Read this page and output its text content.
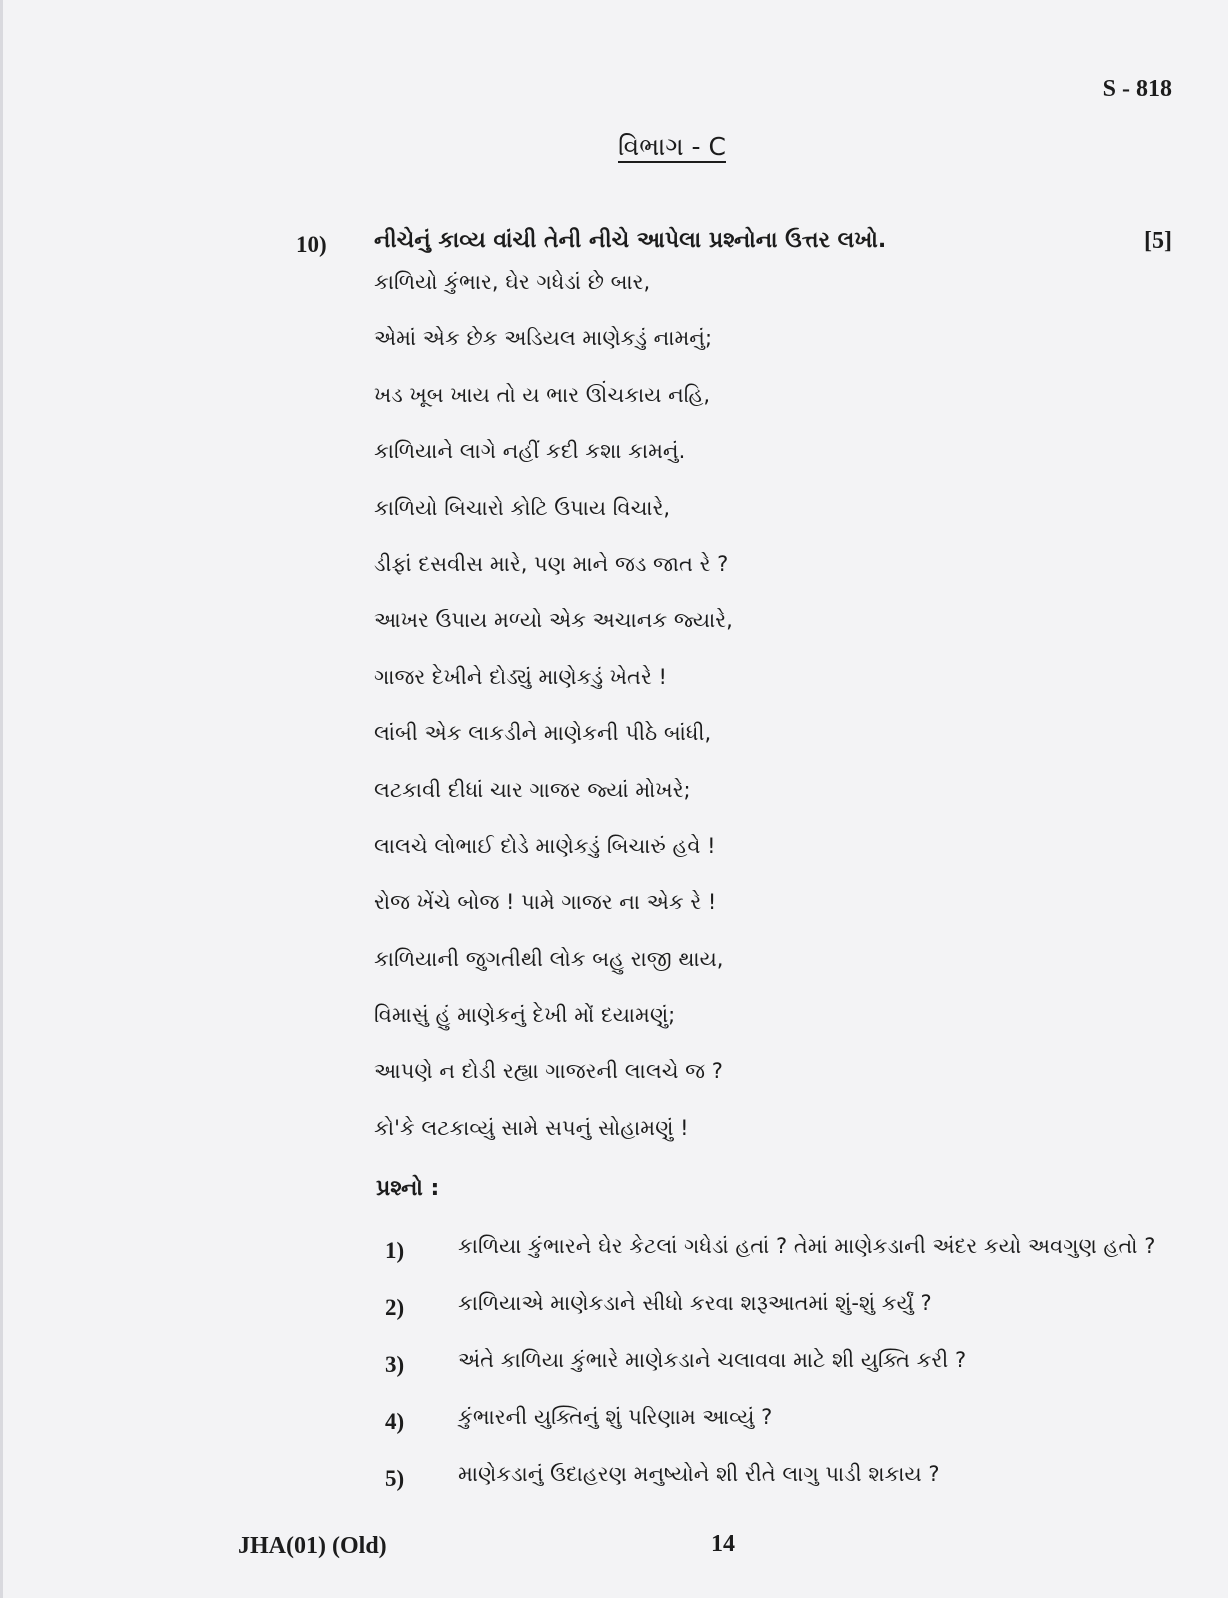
S - 818
વિભાગ - C
10) નીચેનું કાવ્ય વાંચી તેની નીચે આપેલા પ્રશ્નોના ઉત્તર લખો.	[5]
કાળિયો કુંભાર, ઘેર ગધેડાં છે બાર,
એમાં એક છેક અડિયલ માણેકડું નામનું;
ખડ ખૂબ ખાય તો ય ભાર ઊંચકાય નહિ,
કાળિયાને લાગે નહીં કદી કશા કામનું.
કાળિયો બિચારો કોટિ ઉપાય વિચારે,
ડીફાં દસવીસ મારે, પણ માને જડ જાત રે ?
આખર ઉપાય મળ્યો એક અચાનક જ્યારે,
ગાજર દેખીને દોડ્યું માણેકડું ખેતરે !
લાંબી એક લાકડીને માણેકની પીઠે બાંધી,
લટકાવી દીધાં ચાર ગાજર જ્યાં મોખરે;
લાલચે લોભાઈ દોડે માણેકડું બિચારું હવે !
રોજ ખેંચે બોજ ! પામે ગાજર ના એક રે !
કાળિયાની જુગતીથી લોક બહુ રાજી થાય,
વિમાસું હું માણેકનું દેખી મોં દયામણું;
આપણે ન દોડી રહ્યા ગાજરની લાલચે જ ?
કો'કે લટકાવ્યું સામે સપનું સોહામણું !
પ્રશ્નો :
1)	કાળિયા કુંભારને ઘેર કેટલાં ગધેડાં હતાં ? તેમાં માણેકડાની અંદર કયો અવગુણ હતો ?
2)	કાળિયાએ માણેકડાને સીધો કરવા શરૂઆતમાં શું-શું કર્યું ?
3)	અંતે કાળિયા કુંભારે માણેકડાને ચલાવવા માટે શી યુક્તિ કરી ?
4)	કુંભારની યુક્તિનું શું પરિણામ આવ્યું ?
5)	માણેકડાનું ઉદાહરણ મનુષ્યોને શી રીતે લાગુ પાડી શકાય ?
JHA(01) (Old)	14
